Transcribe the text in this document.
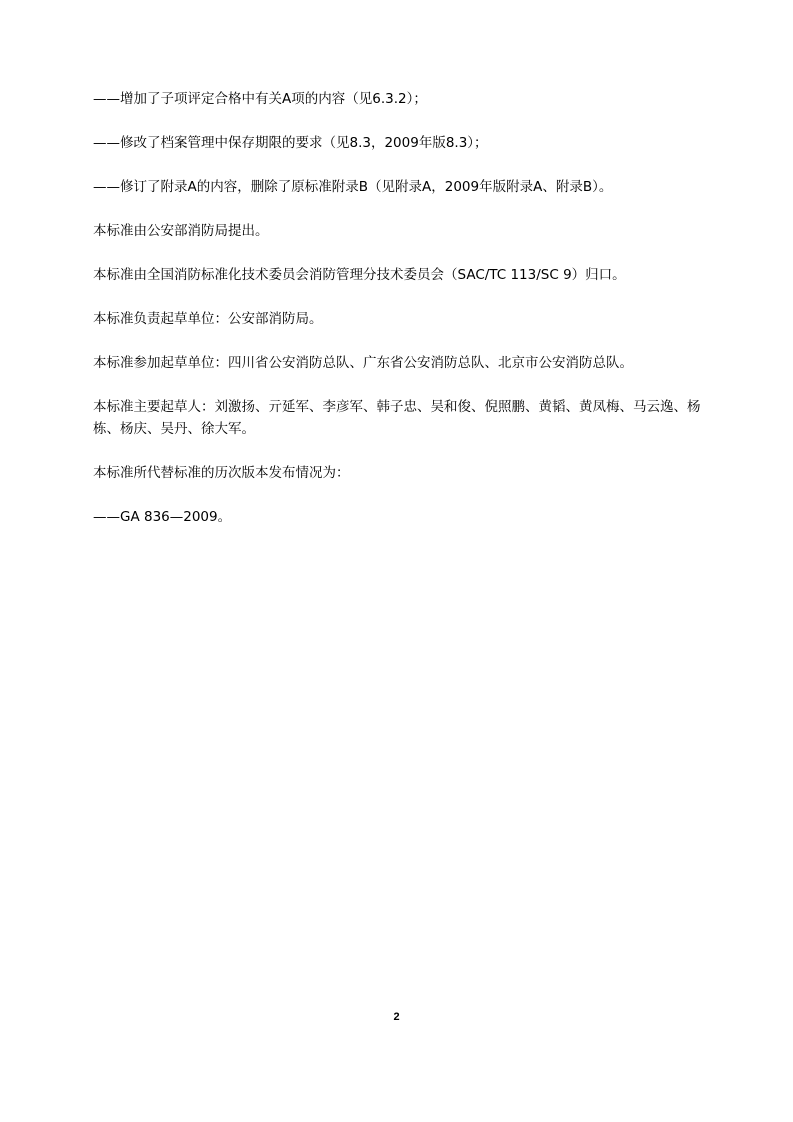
——增加了子项评定合格中有关A项的内容（见6.3.2）；

——修改了档案管理中保存期限的要求（见8.3，2009年版8.3）；

——修订了附录A的内容，删除了原标准附录B（见附录A，2009年版附录A、附录B）。

本标准由公安部消防局提出。

本标准由全国消防标准化技术委员会消防管理分技术委员会（SAC/TC 113/SC 9）归口。

本标准负责起草单位：公安部消防局。

本标准参加起草单位：四川省公安消防总队、广东省公安消防总队、北京市公安消防总队。

本标准主要起草人：刘激扬、亓延军、李彦军、韩子忠、吴和俊、倪照鹏、黄韬、黄凤梅、马云逸、杨栋、杨庆、吴丹、徐大军。

本标准所代替标准的历次版本发布情况为：

——GA 836—2009。

2
